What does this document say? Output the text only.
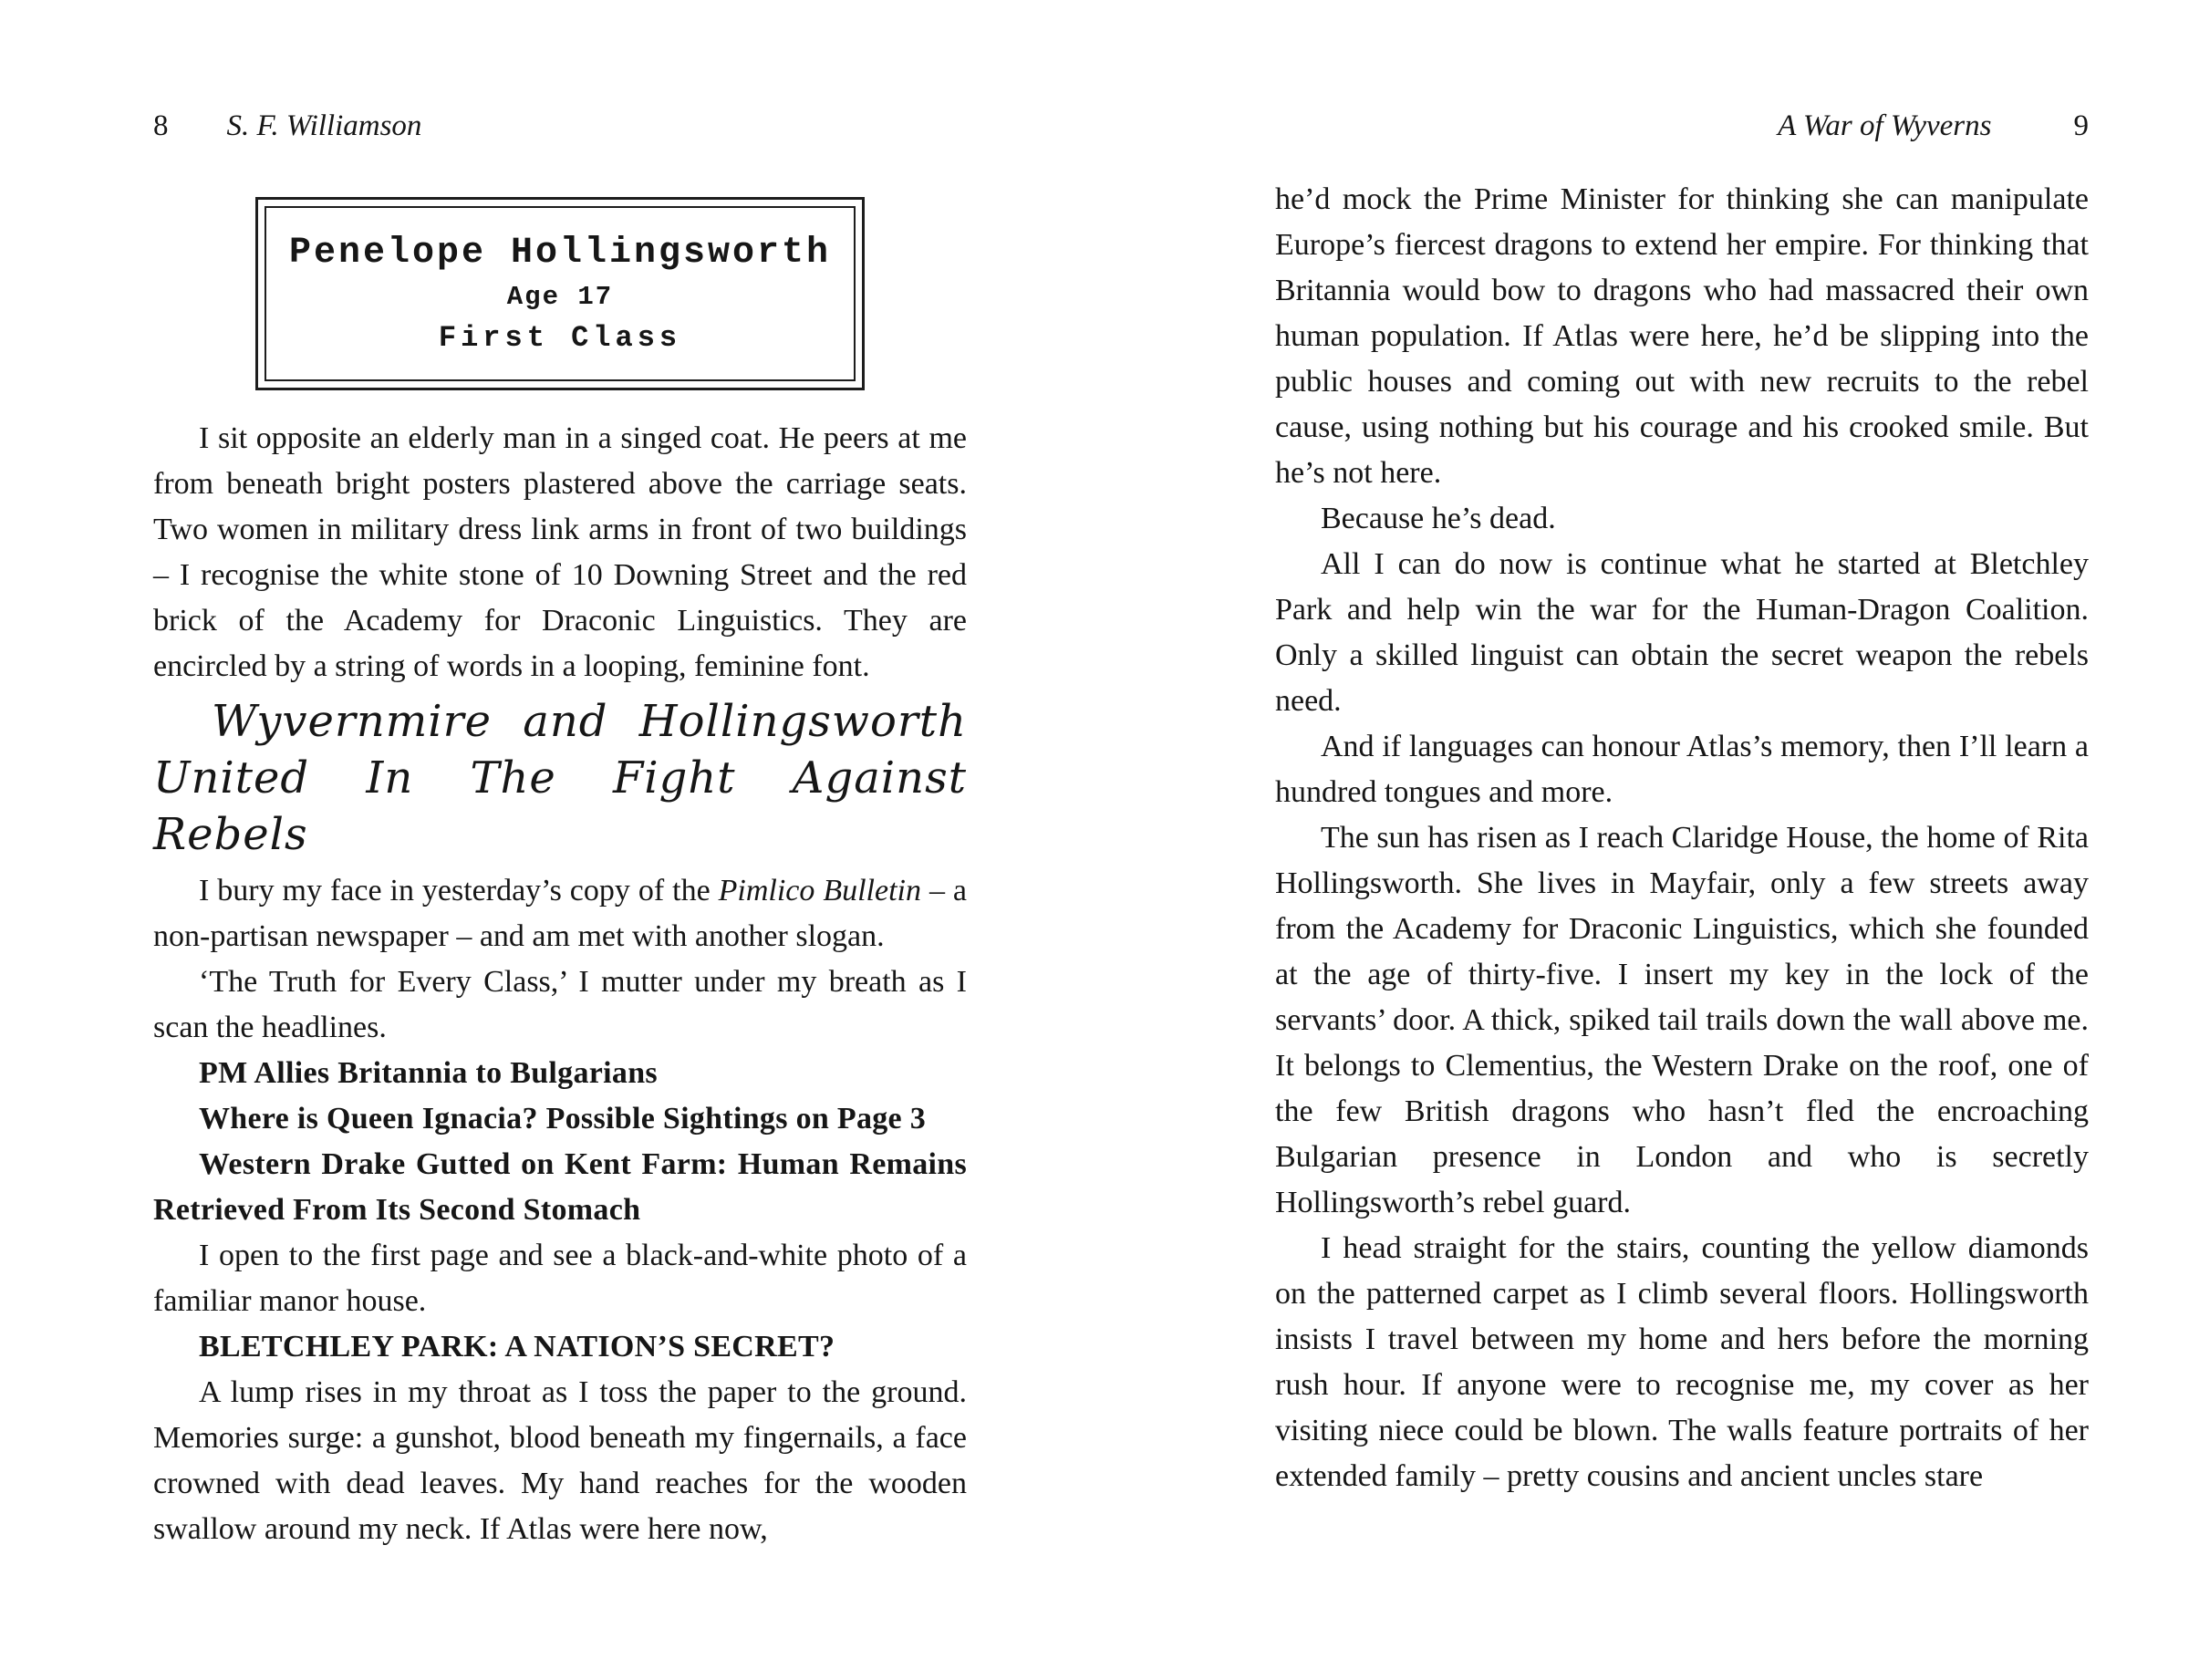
8 S. F. Williamson
Penelope Hollingsworth
Age 17
First Class

I sit opposite an elderly man in a singed coat. He peers at me from beneath bright posters plastered above the carriage seats. Two women in military dress link arms in front of two buildings – I recognise the white stone of 10 Downing Street and the red brick of the Academy for Draconic Linguistics. They are encircled by a string of words in a looping, feminine font.

Wyvernmire and Hollingsworth United In The Fight Against Rebels

I bury my face in yesterday’s copy of the Pimlico Bulletin – a non-partisan newspaper – and am met with another slogan.

‘The Truth for Every Class,’ I mutter under my breath as I scan the headlines.

PM Allies Britannia to Bulgarians

Where is Queen Ignacia? Possible Sightings on Page 3

Western Drake Gutted on Kent Farm: Human Remains Retrieved From Its Second Stomach

I open to the first page and see a black-and-white photo of a familiar manor house.

BLETCHLEY PARK: A NATION’S SECRET?

A lump rises in my throat as I toss the paper to the ground. Memories surge: a gunshot, blood beneath my fingernails, a face crowned with dead leaves. My hand reaches for the wooden swallow around my neck. If Atlas were here now,

A War of Wyverns	9

he’d mock the Prime Minister for thinking she can manipulate Europe’s fiercest dragons to extend her empire. For thinking that Britannia would bow to dragons who had massacred their own human population. If Atlas were here, he’d be slipping into the public houses and coming out with new recruits to the rebel cause, using nothing but his courage and his crooked smile. But he’s not here.

Because he’s dead.

All I can do now is continue what he started at Bletchley Park and help win the war for the Human-Dragon Coalition. Only a skilled linguist can obtain the secret weapon the rebels need.

And if languages can honour Atlas’s memory, then I’ll learn a hundred tongues and more.

The sun has risen as I reach Claridge House, the home of Rita Hollingsworth. She lives in Mayfair, only a few streets away from the Academy for Draconic Linguistics, which she founded at the age of thirty-five. I insert my key in the lock of the servants’ door. A thick, spiked tail trails down the wall above me. It belongs to Clementius, the Western Drake on the roof, one of the few British dragons who hasn’t fled the encroaching Bulgarian presence in London and who is secretly Hollingsworth’s rebel guard.

I head straight for the stairs, counting the yellow diamonds on the patterned carpet as I climb several floors. Hollingsworth insists I travel between my home and hers before the morning rush hour. If anyone were to recognise me, my cover as her visiting niece could be blown. The walls feature portraits of her extended family – pretty cousins and ancient uncles stare
